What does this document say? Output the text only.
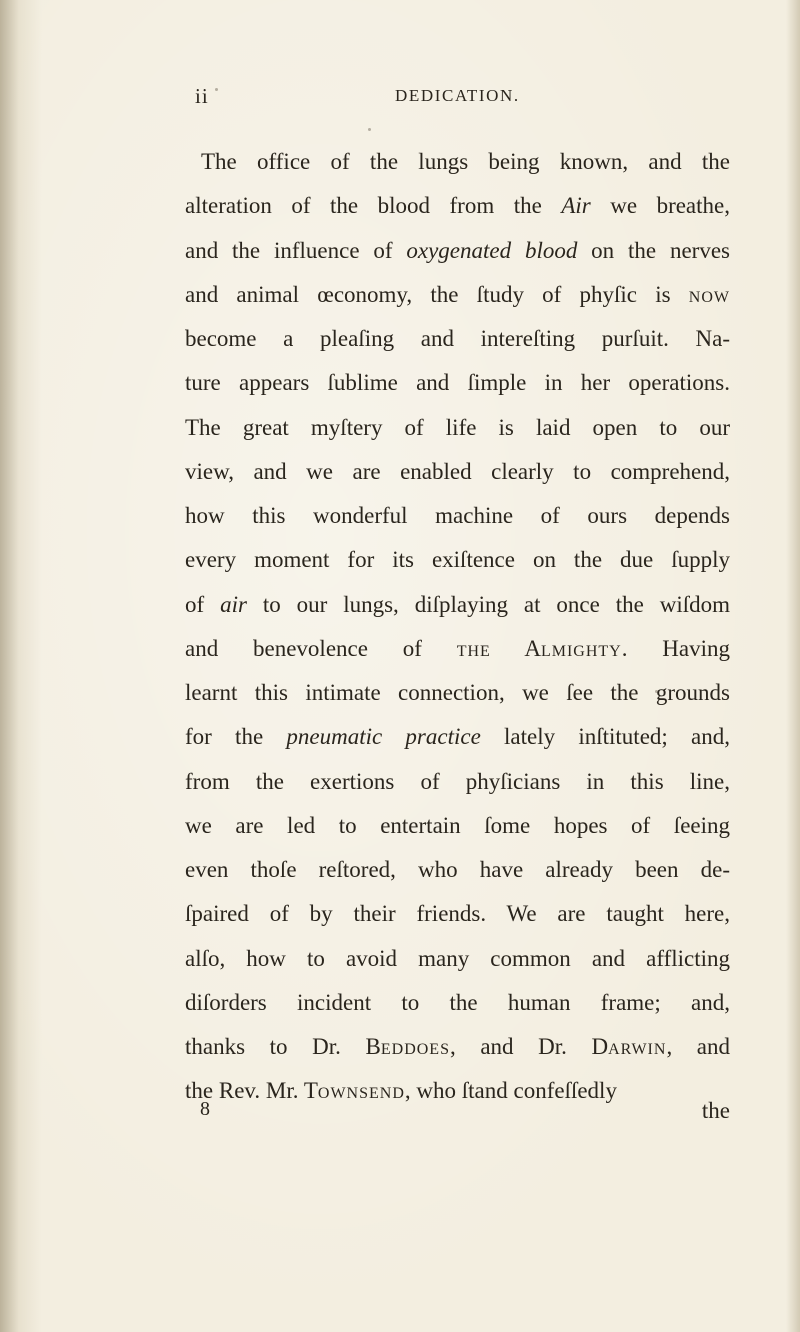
ii	DEDICATION.
The office of the lungs being known, and the
alteration of the blood from the Air we breathe,
and the influence of oxygenated blood on the nerves
and animal œconomy, the ſtudy of phyſic is NOW
become a pleaſing and intereſting purſuit. Na-
ture appears ſublime and ſimple in her operations.
The great myſtery of life is laid open to our
view, and we are enabled clearly to comprehend,
how this wonderful machine of ours depends
every moment for its exiſtence on the due ſupply
of air to our lungs, diſplaying at once the wiſdom
and benevolence of THE ALMIGHTY. Having
learnt this intimate connection, we ſee the grounds
for the pneumatic practice lately inſtituted; and,
from the exertions of phyſicians in this line,
we are led to entertain ſome hopes of ſeeing
even thoſe reſtored, who have already been de-
ſpaired of by their friends. We are taught here,
alſo, how to avoid many common and afflicting
diſorders incident to the human frame; and,
thanks to Dr. BEDDOES, and Dr. DARWIN, and
the Rev. Mr. TOWNSEND, who ſtand confeſſedly
8	the
